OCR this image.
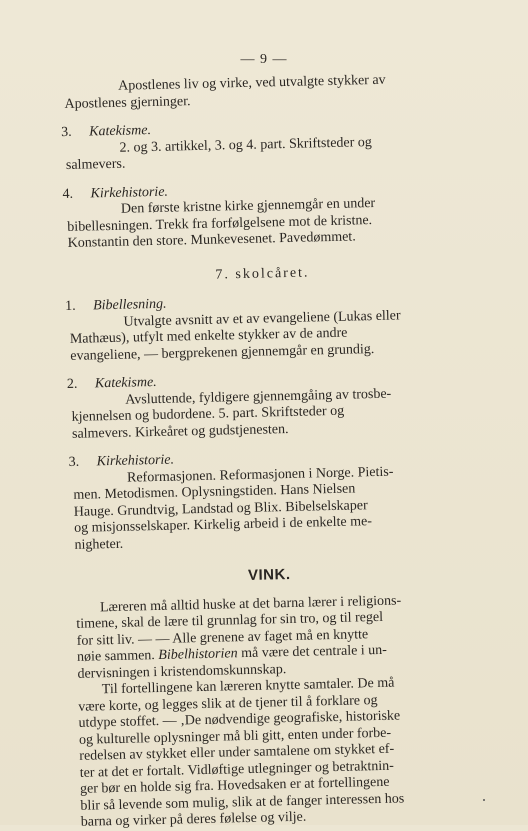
— 9 —

Apostlenes liv og virke, ved utvalgte stykker av

Apostlenes gjerninger.

3.	Katekisme.

2. og 3. artikkel, 3. og 4. part. Skriftsteder og

salmevers.

4.	Kirkehistorie.

Den første kristne kirke gjennemgår en under

bibellesningen. Trekk fra forfølgelsene mot de kristne.

Konstantin den store. Munkevesenet. Pavedømmet.

7. skolcåret.

1.	Bibellesning.

Utvalgte avsnitt av et av evangeliene (Lukas eller

Mathæus), utfylt med enkelte stykker av de andre

evangeliene, — bergprekenen gjennemgår en grundig.

2.	Katekisme.

Avsluttende, fyldigere gjennemgåing av trosbe-

kjennelsen og budordene. 5. part. Skriftsteder og

salmevers. Kirkeåret og gudstjenesten.

3.	Kirkehistorie.

Reformasjonen. Reformasjonen i Norge. Pietis-

men. Metodismen. Oplysningstiden. Hans Nielsen

Hauge. Grundtvig, Landstad og Blix. Bibelselskaper

og misjonsselskaper. Kirkelig arbeid i de enkelte me-

nigheter.

VINK.

Læreren må alltid huske at det barna lærer i religions-

timene, skal de lære til grunnlag for sin tro, og til regel

for sitt liv. — — Alle grenene av faget må en knytte

nøie sammen. Bibelhistorien må være det centrale i un-

dervisningen i kristendomskunnskap.

Til fortellingene kan læreren knytte samtaler. De må

være korte, og legges slik at de tjener til å forklare og

utdype stoffet. — ‚De nødvendige geografiske, historiske

og kulturelle oplysninger må bli gitt, enten under forbe-

redelsen av stykket eller under samtalene om stykket ef-

ter at det er fortalt. Vidløftige utlegninger og betraktnin-

ger bør en holde sig fra. Hovedsaken er at fortellingene

blir så levende som mulig, slik at de fanger interessen hos

barna og virker på deres følelse og vilje.
